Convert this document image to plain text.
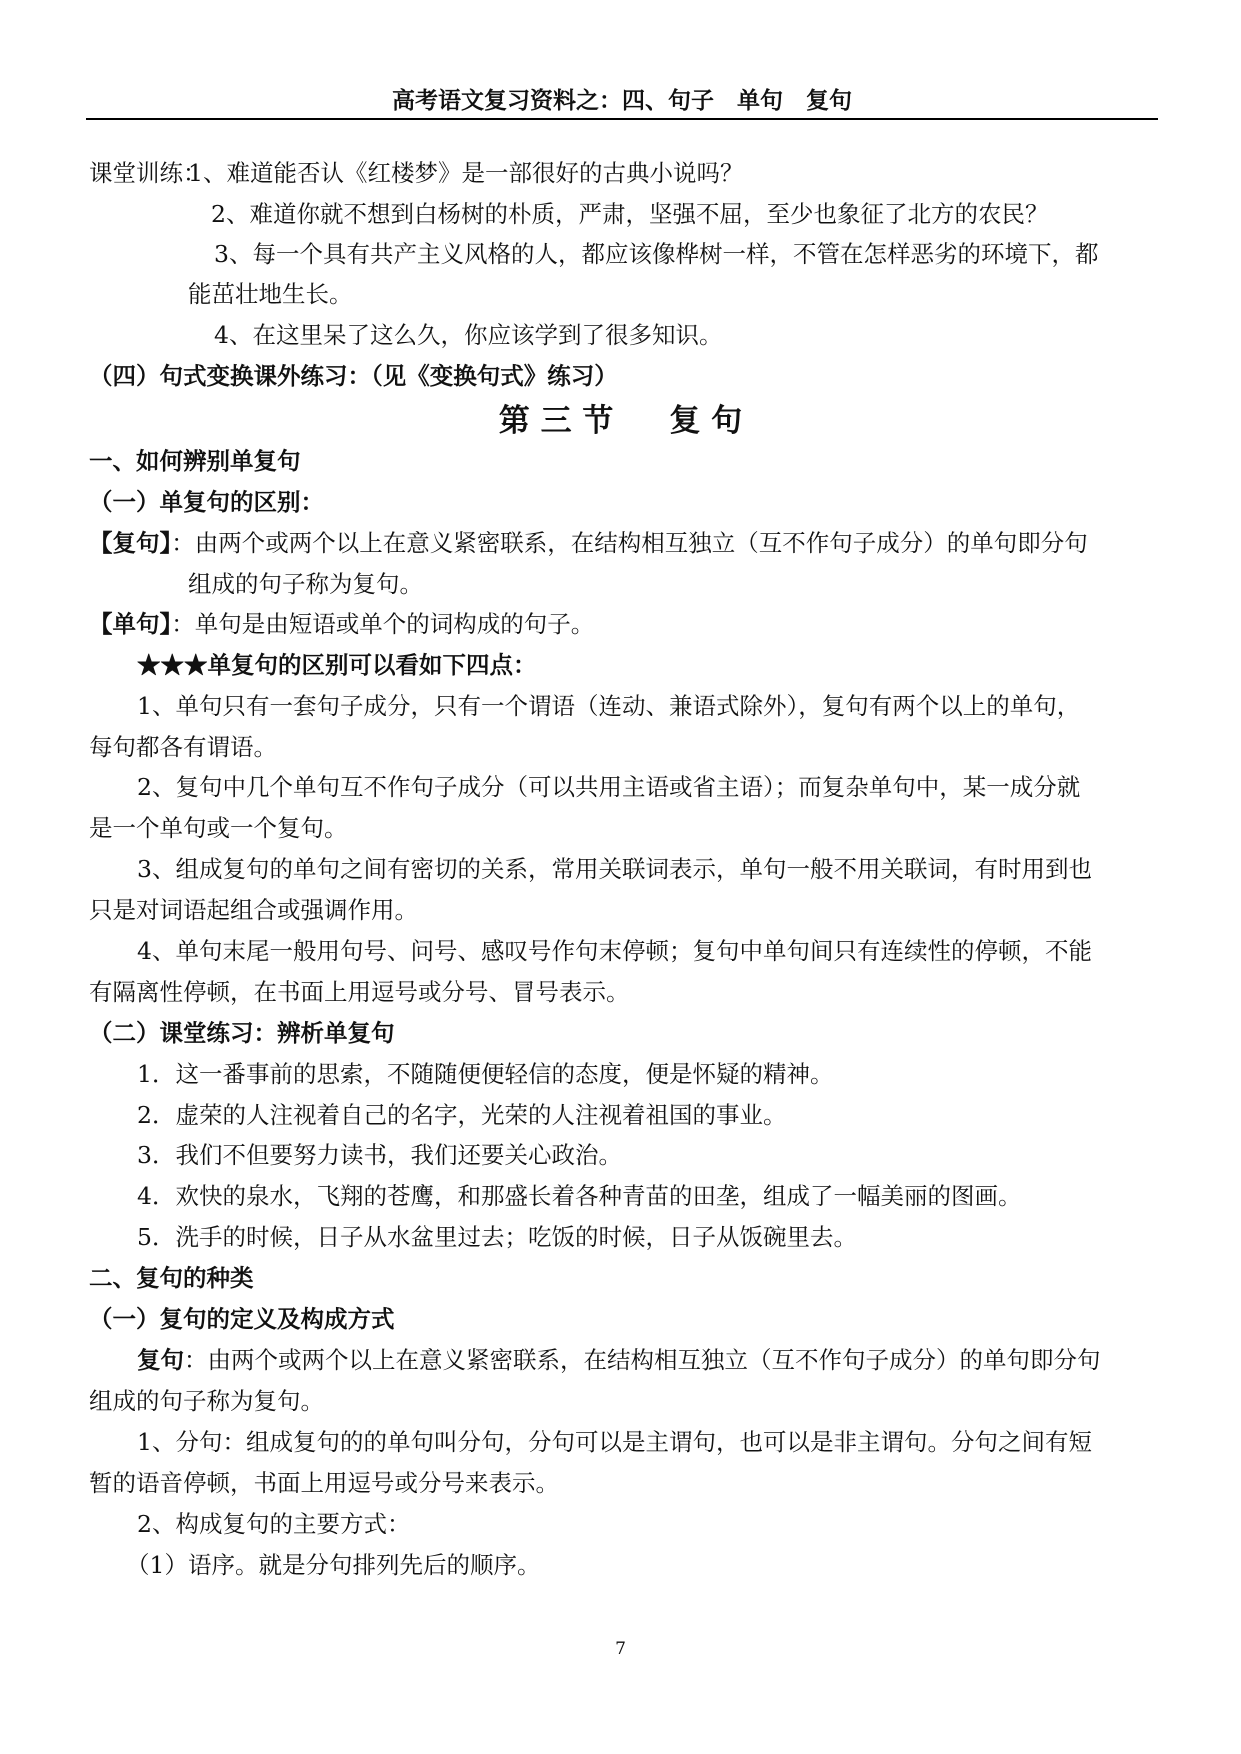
高考语文复习资料之：四、句子　单句　复句
课堂训练：
1、难道能否认《红楼梦》是一部很好的古典小说吗？
2、难道你就不想到白杨树的朴质，严肃，坚强不屈，至少也象征了北方的农民？
3、每一个具有共产主义风格的人，都应该像桦树一样，不管在怎样恶劣的环境下，都
能茁壮地生长。
4、在这里呆了这么久，你应该学到了很多知识。
（四）句式变换课外练习：（见《变换句式》练习）
第 三 节 复 句
一、如何辨别单复句
（一）单复句的区别：
【复句】：由两个或两个以上在意义紧密联系，在结构相互独立（互不作句子成分）的单句即分句
组成的句子称为复句。
【单句】：单句是由短语或单个的词构成的句子。
★★★单复句的区别可以看如下四点：
1、单句只有一套句子成分，只有一个谓语（连动、兼语式除外），复句有两个以上的单句，
每句都各有谓语。
2、复句中几个单句互不作句子成分（可以共用主语或省主语）；而复杂单句中，某一成分就
是一个单句或一个复句。
3、组成复句的单句之间有密切的关系，常用关联词表示，单句一般不用关联词，有时用到也
只是对词语起组合或强调作用。
4、单句末尾一般用句号、问号、感叹号作句末停顿；复句中单句间只有连续性的停顿，不能
有隔离性停顿，在书面上用逗号或分号、冒号表示。
（二）课堂练习：辨析单复句
1．这一番事前的思索，不随随便便轻信的态度，便是怀疑的精神。
2．虚荣的人注视着自己的名字，光荣的人注视着祖国的事业。
3．我们不但要努力读书，我们还要关心政治。
4．欢快的泉水，飞翔的苍鹰，和那盛长着各种青苗的田垄，组成了一幅美丽的图画。
5．洗手的时候，日子从水盆里过去；吃饭的时候，日子从饭碗里去。
二、复句的种类
（一）复句的定义及构成方式
复句：由两个或两个以上在意义紧密联系，在结构相互独立（互不作句子成分）的单句即分句
组成的句子称为复句。
1、分句：组成复句的的单句叫分句，分句可以是主谓句，也可以是非主谓句。分句之间有短
暂的语音停顿，书面上用逗号或分号来表示。
2、构成复句的主要方式：
（1）语序。就是分句排列先后的顺序。
7
